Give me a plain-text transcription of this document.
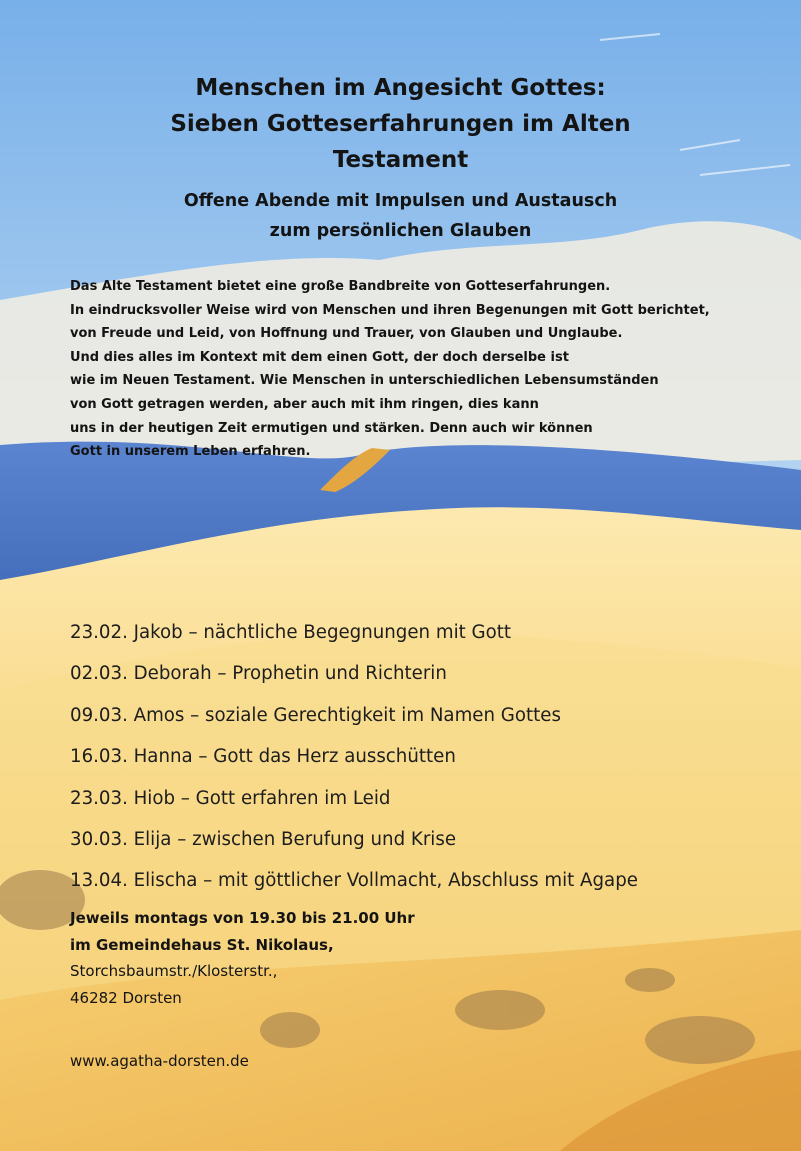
Menschen im Angesicht Gottes:
Sieben Gotteserfahrungen im Alten
Testament
Offene Abende mit Impulsen und Austausch
zum persönlichen Glauben
Das Alte Testament bietet eine große Bandbreite von Gotteserfahrungen.
In eindrucksvoller Weise wird von Menschen und ihren Begenungen mit Gott berichtet,
von Freude und Leid, von Hoffnung und Trauer, von Glauben und Unglaube.
Und dies alles im Kontext mit dem einen Gott, der doch derselbe ist
wie im Neuen Testament. Wie Menschen in unterschiedlichen Lebensumständen
von Gott getragen werden, aber auch mit ihm ringen, dies kann
uns in der heutigen Zeit ermutigen und stärken. Denn auch wir können
Gott in unserem Leben erfahren.
23.02. Jakob – nächtliche Begegnungen mit Gott
02.03. Deborah – Prophetin und Richterin
09.03. Amos – soziale Gerechtigkeit im Namen Gottes
16.03. Hanna – Gott das Herz ausschütten
23.03. Hiob – Gott erfahren im Leid
30.03. Elija – zwischen Berufung und Krise
13.04. Elischa – mit göttlicher Vollmacht, Abschluss mit Agape
Jeweils montags von 19.30 bis 21.00 Uhr
im Gemeindehaus St. Nikolaus,
Storchsbaumstr./Klosterstr.,
46282 Dorsten
www.agatha-dorsten.de
